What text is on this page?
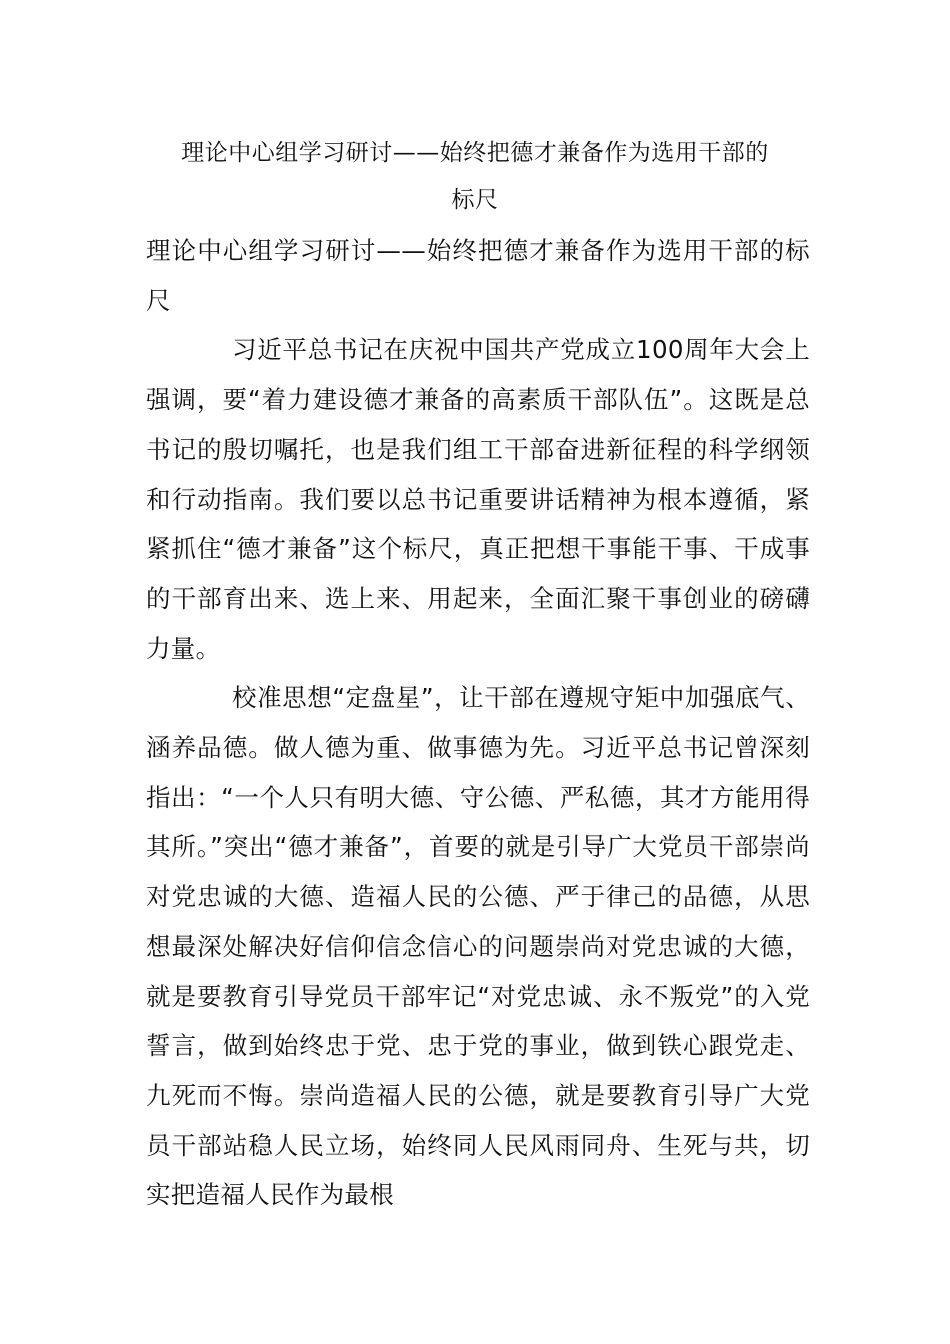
理论中心组学习研讨——始终把德才兼备作为选用干部的
标尺

理论中心组学习研讨——始终把德才兼备作为选用干部的标尺

习近平总书记在庆祝中国共产党成立100周年大会上强调，要“着力建设德才兼备的高素质干部队伍”。这既是总书记的殷切嘱托，也是我们组工干部奋进新征程的科学纲领和行动指南。我们要以总书记重要讲话精神为根本遵循，紧紧抓住“德才兼备”这个标尺，真正把想干事能干事、干成事的干部育出来、选上来、用起来，全面汇聚干事创业的磅礴力量。

校准思想“定盘星”，让干部在遵规守矩中加强底气、涵养品德。做人德为重、做事德为先。习近平总书记曾深刻指出：“一个人只有明大德、守公德、严私德，其才方能用得其所。”突出“德才兼备”，首要的就是引导广大党员干部崇尚对党忠诚的大德、造福人民的公德、严于律己的品德，从思想最深处解决好信仰信念信心的问题崇尚对党忠诚的大德，就是要教育引导党员干部牢记“对党忠诚、永不叛党”的入党誓言，做到始终忠于党、忠于党的事业，做到铁心跟党走、九死而不悔。崇尚造福人民的公德，就是要教育引导广大党员干部站稳人民立场，始终同人民风雨同舟、生死与共，切实把造福人民作为最根
